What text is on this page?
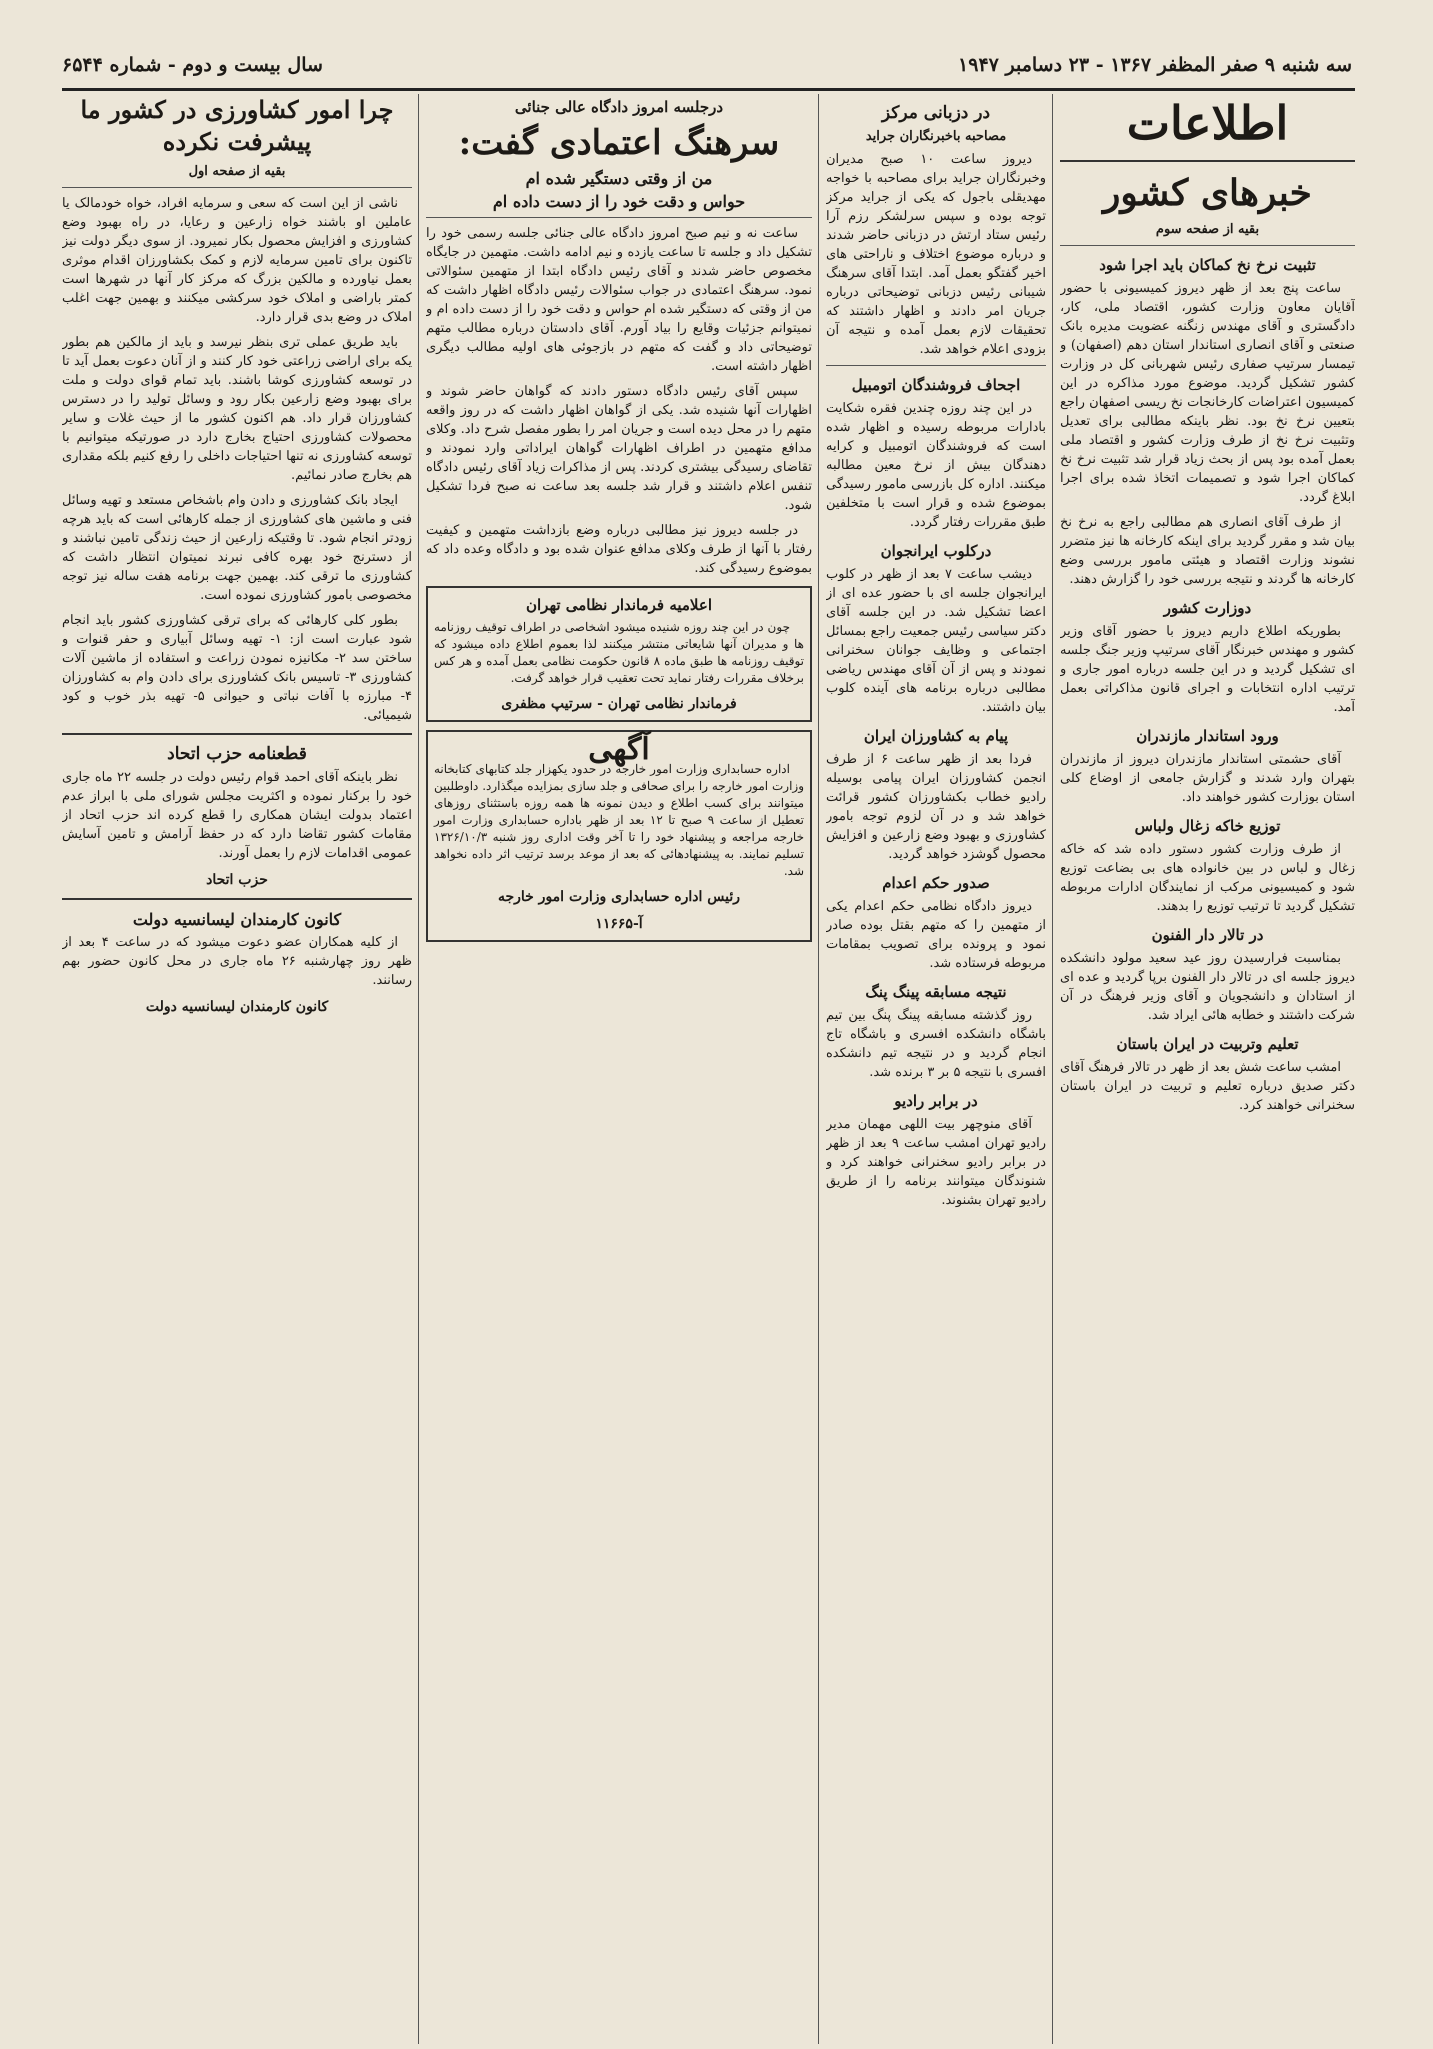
سه شنبه ۹ صفر المظفر ۱۳۶۷ - ۲۳ دسامبر ۱۹۴۷
سال بیست و دوم - شماره ۶۵۴۴
اطلاعات
خبرهای کشور
بقیه از صفحه سوم
تثبیت نرخ نخ کماکان باید اجرا شود

ساعت پنج بعد از ظهر دیروز کمیسیونی با حضور آقایان معاون وزارت کشور، اقتصاد ملی، کار، دادگستری و آقای مهندس زنگنه عضویت مدیره بانک صنعتی و آقای انصاری استاندار استان دهم (اصفهان) و تیمسار سرتیپ صفاری رئیس شهربانی کل در وزارت کشور تشکیل گردید. موضوع مورد مذاکره در این کمیسیون اعتراضات کارخانجات نخ ریسی اصفهان راجع بتعیین نرخ نخ بود. نظر باینکه مطالبی برای تعدیل وتثبیت نرخ نخ از طرف وزارت کشور و اقتصاد ملی بعمل آمده بود پس از بحث زیاد قرار شد تثبیت نرخ نخ کماکان اجرا شود و تصمیمات اتخاذ شده برای اجرا ابلاغ گردد.

از طرف آقای انصاری هم مطالبی راجع به نرخ نخ بیان شد و مقرر گردید برای اینکه کارخانه ها نیز متضرر نشوند وزارت اقتصاد و هیئتی مامور بررسی وضع کارخانه ها گردند و نتیجه بررسی خود را گزارش دهند.

دوزارت کشور

بطوریکه اطلاع داریم دیروز با حضور آقای وزیر کشور و مهندس خبرنگار آقای سرتیپ وزیر جنگ جلسه ای تشکیل گردید و در این جلسه درباره امور جاری و ترتیب اداره انتخابات و اجرای قانون مذاکراتی بعمل آمد.

ورود استاندار مازندران

آقای حشمتی استاندار مازندران دیروز از مازندران بتهران وارد شدند و گزارش جامعی از اوضاع کلی استان بوزارت کشور خواهند داد.

توزیع خاکه زغال ولباس

از طرف وزارت کشور دستور داده شد که خاکه زغال و لباس در بین خانواده های بی بضاعت توزیع شود و کمیسیونی مرکب از نمایندگان ادارات مربوطه تشکیل گردید تا ترتیب توزیع را بدهند.

در تالار دار الفنون

بمناسبت فرارسیدن روز عید سعید مولود دانشکده دیروز جلسه ای در تالار دار الفنون برپا گردید و عده ای از استادان و دانشجویان و آقای وزیر فرهنگ در آن شرکت داشتند و خطابه هائی ایراد شد.

تعلیم وتربیت در ایران باستان

امشب ساعت شش بعد از ظهر در تالار فرهنگ آقای دکتر صدیق درباره تعلیم و تربیت در ایران باستان سخنرانی خواهند کرد.

در دزبانی مرکز
مصاحبه باخبرنگاران جراید

دیروز ساعت ۱۰ صبح مدیران وخبرنگاران جراید برای مصاحبه با خواجه مهدیقلی باجول که یکی از جراید مرکز توجه بوده و سپس سرلشکر رزم آرا رئیس ستاد ارتش در دزبانی حاضر شدند و درباره موضوع اختلاف و ناراحتی های اخیر گفتگو بعمل آمد. ابتدا آقای سرهنگ شیبانی رئیس دزبانی توضیحاتی درباره جریان امر دادند و اظهار داشتند که تحقیقات لازم بعمل آمده و نتیجه آن بزودی اعلام خواهد شد.

اجحاف فروشندگان اتومبیل

در این چند روزه چندین فقره شکایت بادارات مربوطه رسیده و اظهار شده است که فروشندگان اتومبیل و کرایه دهندگان بیش از نرخ معین مطالبه میکنند. اداره کل بازرسی مامور رسیدگی بموضوع شده و قرار است با متخلفین طبق مقررات رفتار گردد.

درکلوب ایرانجوان

دیشب ساعت ۷ بعد از ظهر در کلوب ایرانجوان جلسه ای با حضور عده ای از اعضا تشکیل شد. در این جلسه آقای دکتر سیاسی رئیس جمعیت راجع بمسائل اجتماعی و وظایف جوانان سخنرانی نمودند و پس از آن آقای مهندس ریاضی مطالبی درباره برنامه های آینده کلوب بیان داشتند.

پیام به کشاورزان ایران

فردا بعد از ظهر ساعت ۶ از طرف انجمن کشاورزان ایران پیامی بوسیله رادیو خطاب بکشاورزان کشور قرائت خواهد شد و در آن لزوم توجه بامور کشاورزی و بهبود وضع زارعین و افزایش محصول گوشزد خواهد گردید.

صدور حکم اعدام

دیروز دادگاه نظامی حکم اعدام یکی از متهمین را که متهم بقتل بوده صادر نمود و پرونده برای تصویب بمقامات مربوطه فرستاده شد.

نتیجه مسابقه پینگ پنگ

روز گذشته مسابقه پینگ پنگ بین تیم باشگاه دانشکده افسری و باشگاه تاج انجام گردید و در نتیجه تیم دانشکده افسری با نتیجه ۵ بر ۳ برنده شد.

در برابر رادیو

آقای منوچهر بیت اللهی مهمان مدیر رادیو تهران امشب ساعت ۹ بعد از ظهر در برابر رادیو سخنرانی خواهند کرد و شنوندگان میتوانند برنامه را از طریق رادیو تهران بشنوند.

درجلسه امروز دادگاه عالی جنائی
سرهنگ اعتمادی گفت:
من از وقتی دستگیر شده ام
حواس و دقت خود را از دست داده ام

ساعت نه و نیم صبح امروز دادگاه عالی جنائی جلسه رسمی خود را تشکیل داد و جلسه تا ساعت یازده و نیم ادامه داشت. متهمین در جایگاه مخصوص حاضر شدند و آقای رئیس دادگاه ابتدا از متهمین سئوالاتی نمود. سرهنگ اعتمادی در جواب سئوالات رئیس دادگاه اظهار داشت که من از وقتی که دستگیر شده ام حواس و دقت خود را از دست داده ام و نمیتوانم جزئیات وقایع را بیاد آورم. آقای دادستان درباره مطالب متهم توضیحاتی داد و گفت که متهم در بازجوئی های اولیه مطالب دیگری اظهار داشته است.

سپس آقای رئیس دادگاه دستور دادند که گواهان حاضر شوند و اظهارات آنها شنیده شد. یکی از گواهان اظهار داشت که در روز واقعه متهم را در محل دیده است و جریان امر را بطور مفصل شرح داد. وکلای مدافع متهمین در اطراف اظهارات گواهان ایراداتی وارد نمودند و تقاضای رسیدگی بیشتری کردند. پس از مذاکرات زیاد آقای رئیس دادگاه تنفس اعلام داشتند و قرار شد جلسه بعد ساعت نه صبح فردا تشکیل شود.

در جلسه دیروز نیز مطالبی درباره وضع بازداشت متهمین و کیفیت رفتار با آنها از طرف وکلای مدافع عنوان شده بود و دادگاه وعده داد که بموضوع رسیدگی کند.

اعلامیه فرماندار نظامی تهران

چون در این چند روزه شنیده میشود اشخاصی در اطراف توقیف روزنامه ها و مدیران آنها شایعاتی منتشر میکنند لذا بعموم اطلاع داده میشود که توقیف روزنامه ها طبق ماده ۸ قانون حکومت نظامی بعمل آمده و هر کس برخلاف مقررات رفتار نماید تحت تعقیب قرار خواهد گرفت.

فرماندار نظامی تهران - سرتیپ مظفری
آگهی

اداره حسابداری وزارت امور خارجه در حدود یکهزار جلد کتابهای کتابخانه وزارت امور خارجه را برای صحافی و جلد سازی بمزایده میگذارد. داوطلبین میتوانند برای کسب اطلاع و دیدن نمونه ها همه روزه باستثنای روزهای تعطیل از ساعت ۹ صبح تا ۱۲ بعد از ظهر باداره حسابداری وزارت امور خارجه مراجعه و پیشنهاد خود را تا آخر وقت اداری روز شنبه ۱۳۲۶/۱۰/۳ تسلیم نمایند. به پیشنهادهائی که بعد از موعد برسد ترتیب اثر داده نخواهد شد.

رئیس اداره حسابداری وزارت امور خارجه
آ-۱۱۶۶۵
چرا امور کشاورزی در کشور ما پیشرفت نکرده
بقیه از صفحه اول

ناشی از این است که سعی و سرمایه افراد، خواه خودمالک یا عاملین او باشند خواه زارعین و رعایا، در راه بهبود وضع کشاورزی و افزایش محصول بکار نمیرود. از سوی دیگر دولت نیز تاکنون برای تامین سرمایه لازم و کمک بکشاورزان اقدام موثری بعمل نیاورده و مالکین بزرگ که مرکز کار آنها در شهرها است کمتر باراضی و املاک خود سرکشی میکنند و بهمین جهت اغلب املاک در وضع بدی قرار دارد.

باید طریق عملی تری بنظر نیرسد و باید از مالکین هم بطور یکه برای اراضی زراعتی خود کار کنند و از آنان دعوت بعمل آید تا در توسعه کشاورزی کوشا باشند. باید تمام قوای دولت و ملت برای بهبود وضع زارعین بکار رود و وسائل تولید را در دسترس کشاورزان قرار داد. هم اکنون کشور ما از حیث غلات و سایر محصولات کشاورزی احتیاج بخارج دارد در صورتیکه میتوانیم با توسعه کشاورزی نه تنها احتیاجات داخلی را رفع کنیم بلکه مقداری هم بخارج صادر نمائیم.

ایجاد بانک کشاورزی و دادن وام باشخاص مستعد و تهیه وسائل فنی و ماشین های کشاورزی از جمله کارهائی است که باید هرچه زودتر انجام شود. تا وقتیکه زارعین از حیث زندگی تامین نباشند و از دسترنج خود بهره کافی نبرند نمیتوان انتظار داشت که کشاورزی ما ترقی کند. بهمین جهت برنامه هفت ساله نیز توجه مخصوصی بامور کشاورزی نموده است.

بطور کلی کارهائی که برای ترقی کشاورزی کشور باید انجام شود عبارت است از: ۱- تهیه وسائل آبیاری و حفر قنوات و ساختن سد ۲- مکانیزه نمودن زراعت و استفاده از ماشین آلات کشاورزی ۳- تاسیس بانک کشاورزی برای دادن وام به کشاورزان ۴- مبارزه با آفات نباتی و حیوانی ۵- تهیه بذر خوب و کود شیمیائی.

قطعنامه حزب اتحاد

نظر باینکه آقای احمد قوام رئیس دولت در جلسه ۲۲ ماه جاری خود را برکنار نموده و اکثریت مجلس شورای ملی با ابراز عدم اعتماد بدولت ایشان همکاری را قطع کرده اند حزب اتحاد از مقامات کشور تقاضا دارد که در حفظ آرامش و تامین آسایش عمومی اقدامات لازم را بعمل آورند.

حزب اتحاد
کانون کارمندان لیسانسیه دولت

از کلیه همکاران عضو دعوت میشود که در ساعت ۴ بعد از ظهر روز چهارشنبه ۲۶ ماه جاری در محل کانون حضور بهم رسانند.

کانون کارمندان لیسانسیه دولت
